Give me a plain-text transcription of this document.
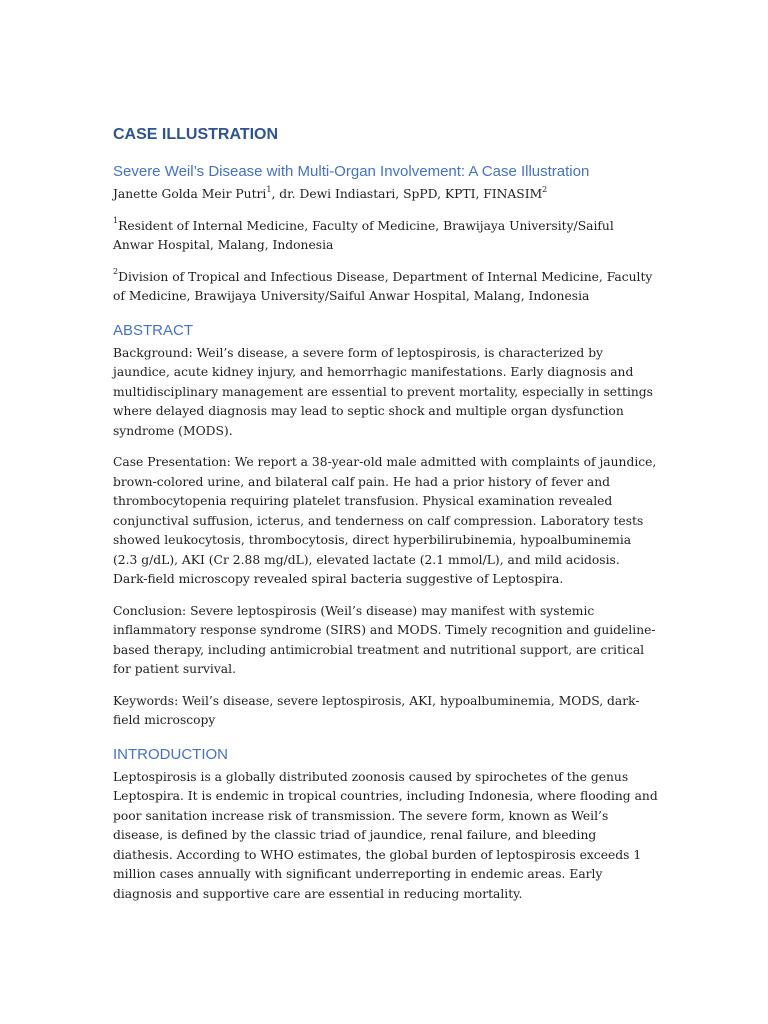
CASE ILLUSTRATION
Severe Weil’s Disease with Multi-Organ Involvement: A Case Illustration

Janette Golda Meir Putri$^1$, dr. Dewi Indiastari, SpPD, KPTI, FINASIM$^2$

$^1$Resident of Internal Medicine, Faculty of Medicine, Brawijaya University/Saiful Anwar Hospital, Malang, Indonesia

$^2$Division of Tropical and Infectious Disease, Department of Internal Medicine, Faculty of Medicine, Brawijaya University/Saiful Anwar Hospital, Malang, Indonesia

ABSTRACT

Background: Weil’s disease, a severe form of leptospirosis, is characterized by jaundice, acute kidney injury, and hemorrhagic manifestations. Early diagnosis and multidisciplinary management are essential to prevent mortality, especially in settings where delayed diagnosis may lead to septic shock and multiple organ dysfunction syndrome (MODS).

Case Presentation: We report a 38-year-old male admitted with complaints of jaundice, brown-colored urine, and bilateral calf pain. He had a prior history of fever and thrombocytopenia requiring platelet transfusion. Physical examination revealed conjunctival suffusion, icterus, and tenderness on calf compression. Laboratory tests showed leukocytosis, thrombocytosis, direct hyperbilirubinemia, hypoalbuminemia (2.3 g/dL), AKI (Cr 2.88 mg/dL), elevated lactate (2.1 mmol/L), and mild acidosis. Dark-field microscopy revealed spiral bacteria suggestive of Leptospira.

Conclusion: Severe leptospirosis (Weil’s disease) may manifest with systemic inflammatory response syndrome (SIRS) and MODS. Timely recognition and guideline-based therapy, including antimicrobial treatment and nutritional support, are critical for patient survival.

Keywords: Weil’s disease, severe leptospirosis, AKI, hypoalbuminemia, MODS, dark-field microscopy

INTRODUCTION

Leptospirosis is a globally distributed zoonosis caused by spirochetes of the genus Leptospira. It is endemic in tropical countries, including Indonesia, where flooding and poor sanitation increase risk of transmission. The severe form, known as Weil’s disease, is defined by the classic triad of jaundice, renal failure, and bleeding diathesis. According to WHO estimates, the global burden of leptospirosis exceeds 1 million cases annually with significant underreporting in endemic areas. Early diagnosis and supportive care are essential in reducing mortality.
